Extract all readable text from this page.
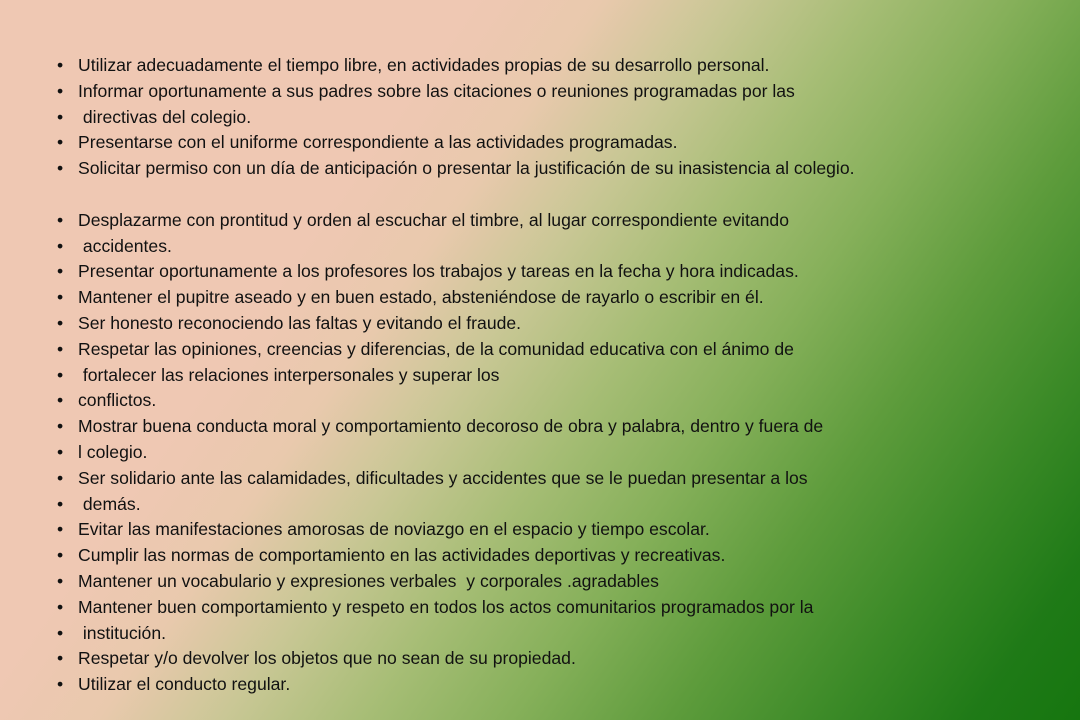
• Utilizar adecuadamente el tiempo libre, en actividades propias de su desarrollo personal.
• Informar oportunamente a sus padres sobre las citaciones o reuniones programadas por las
• directivas del colegio.
• Presentarse con el uniforme correspondiente a las actividades programadas.
• Solicitar permiso con un día de anticipación o presentar la justificación de su inasistencia al colegio.
• Desplazarme con prontitud y orden al escuchar el timbre, al lugar correspondiente evitando
• accidentes.
• Presentar oportunamente a los profesores los trabajos y tareas en la fecha y hora indicadas.
• Mantener el pupitre aseado y en buen estado, absteniéndose de rayarlo o escribir en él.
• Ser honesto reconociendo las faltas y evitando el fraude.
• Respetar las opiniones, creencias y diferencias, de la comunidad educativa con el ánimo de
• fortalecer las relaciones interpersonales y superar los
• conflictos.
• Mostrar buena conducta moral y comportamiento decoroso de obra y palabra, dentro y fuera de
• l colegio.
• Ser solidario ante las calamidades, dificultades y accidentes que se le puedan presentar a los
• demás.
• Evitar las manifestaciones amorosas de noviazgo en el espacio y tiempo escolar.
• Cumplir las normas de comportamiento en las actividades deportivas y recreativas.
• Mantener un vocabulario y expresiones verbales  y corporales .agradables
• Mantener buen comportamiento y respeto en todos los actos comunitarios programados por la
• institución.
• Respetar y/o devolver los objetos que no sean de su propiedad.
• Utilizar el conducto regular.
